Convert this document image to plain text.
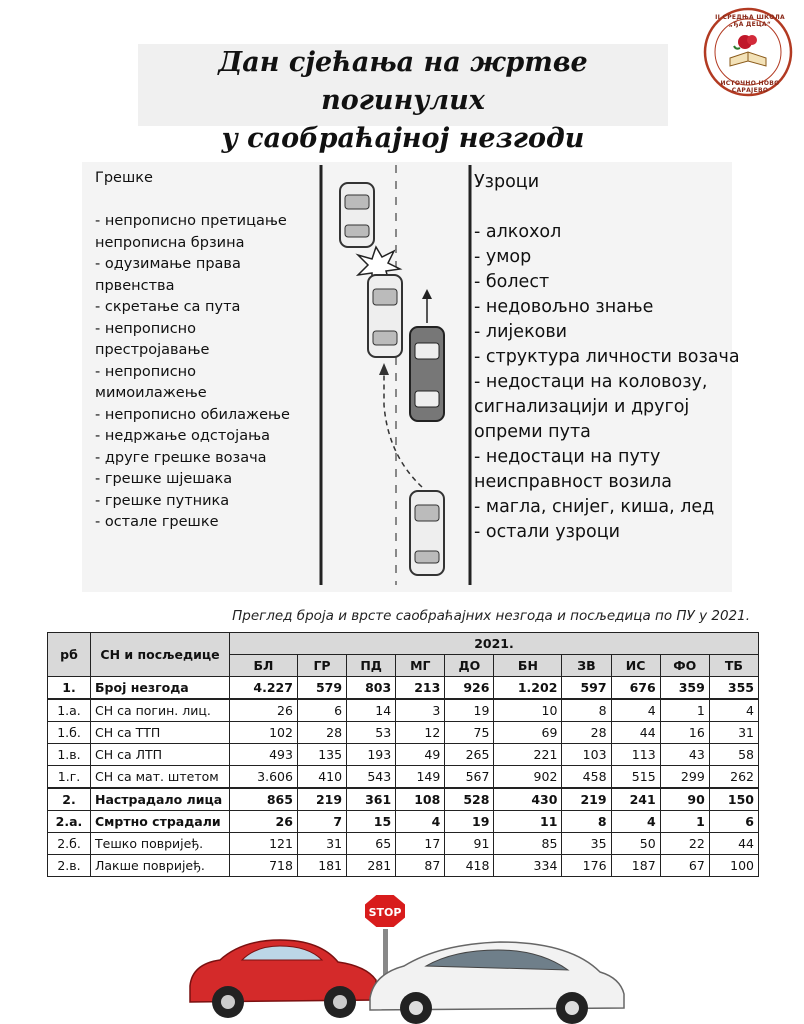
II СРЕДЊА ШКОЛА „ЂА ДЕЦА“
ИСТОЧНО НОВО САРАЈЕВО
Дан сјећања на жртве погинулих
у саобраћајној незгоди
Грешке
- непрописно претицање
непрописна брзина
- одузимање права првенства
- скретање са пута
- непрописно престројавање
- непрописно мимоилажење
- непрописно обилажење
- недржање одстојања
- друге грешке возача
- грешке шјешака
- грешке путника
- остале грешке
Узроци
- алкохол
- умор
- болест
- недовољно знање
- лијекови
- структура личности возача
- недостаци на коловозу, сигнализацији и другој опреми пута
- недостаци на путу неисправност возила
- магла, снијег, киша, лед
- остали узроци
Преглед броја и врсте саобраћајних незгода и посљедица по ПУ у 2021.
рб	СН и посљедице	2021.									
		БЛ	ГР	ПД	МГ	ДО	БН	ЗВ	ИС	ФО	ТБ
1.	Број незгода	4.227	579	803	213	926	1.202	597	676	359	355
1.а.	СН са погин. лиц.	26	6	14	3	19	10	8	4	1	4
1.б.	СН са ТТП	102	28	53	12	75	69	28	44	16	31
1.в.	СН са ЛТП	493	135	193	49	265	221	103	113	43	58
1.г.	СН са мат. штетом	3.606	410	543	149	567	902	458	515	299	262
2.	Настрадало лица	865	219	361	108	528	430	219	241	90	150
2.а.	Смртно страдали	26	7	15	4	19	11	8	4	1	6
2.б.	Тешко повријеђ.	121	31	65	17	91	85	35	50	22	44
2.в.	Лакше повријеђ.	718	181	281	87	418	334	176	187	67	100
STOP
